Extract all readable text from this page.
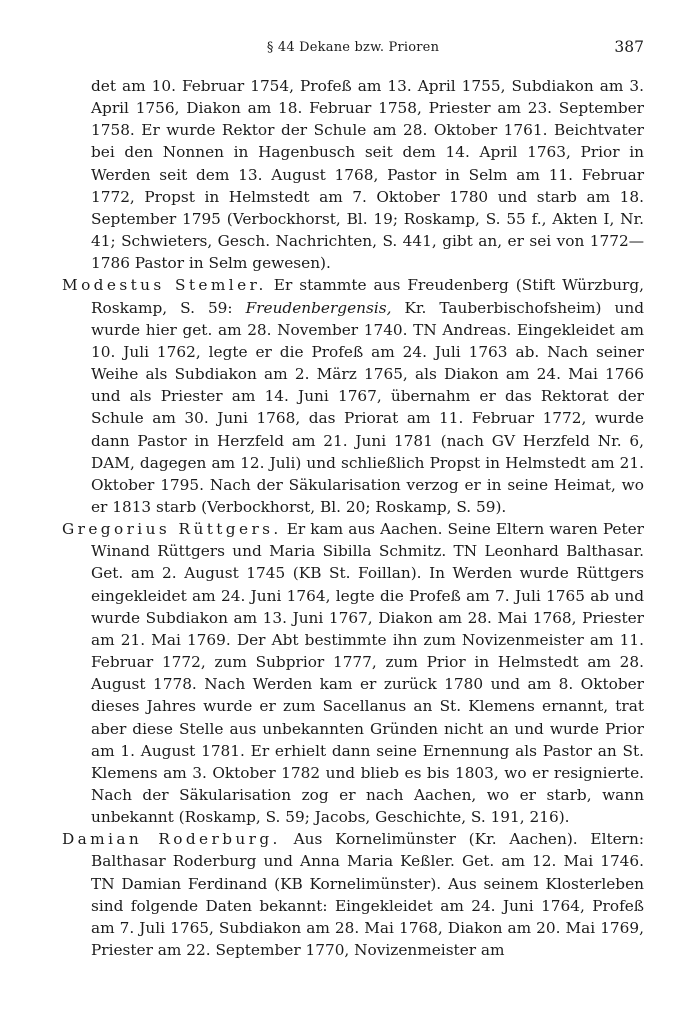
§ 44 Dekane bzw. Prioren	387

det am 10. Februar 1754, Profeß am 13. April 1755, Subdiakon am 3. April 1756, Diakon am 18. Februar 1758, Priester am 23. September 1758. Er wurde Rektor der Schule am 28. Oktober 1761. Beichtvater bei den Nonnen in Hagenbusch seit dem 14. April 1763, Prior in Werden seit dem 13. August 1768, Pastor in Selm am 11. Februar 1772, Propst in Helmstedt am 7. Oktober 1780 und starb am 18. September 1795 (Verbockhorst, Bl. 19; Roskamp, S. 55 f., Akten I, Nr. 41; Schwieters, Gesch. Nachrichten, S. 441, gibt an, er sei von 1772—1786 Pastor in Selm gewesen).

Modestus Stemler. Er stammte aus Freudenberg (Stift Würzburg, Roskamp, S. 59: Freudenbergensis, Kr. Tauberbischofsheim) und wurde hier get. am 28. November 1740. TN Andreas. Eingekleidet am 10. Juli 1762, legte er die Profeß am 24. Juli 1763 ab. Nach seiner Weihe als Subdiakon am 2. März 1765, als Diakon am 24. Mai 1766 und als Priester am 14. Juni 1767, übernahm er das Rektorat der Schule am 30. Juni 1768, das Priorat am 11. Februar 1772, wurde dann Pastor in Herzfeld am 21. Juni 1781 (nach GV Herzfeld Nr. 6, DAM, dagegen am 12. Juli) und schließlich Propst in Helmstedt am 21. Oktober 1795. Nach der Säkularisation verzog er in seine Heimat, wo er 1813 starb (Verbockhorst, Bl. 20; Roskamp, S. 59).

Gregorius Rüttgers. Er kam aus Aachen. Seine Eltern waren Peter Winand Rüttgers und Maria Sibilla Schmitz. TN Leonhard Balthasar. Get. am 2. August 1745 (KB St. Foillan). In Werden wurde Rüttgers eingekleidet am 24. Juni 1764, legte die Profeß am 7. Juli 1765 ab und wurde Subdiakon am 13. Juni 1767, Diakon am 28. Mai 1768, Priester am 21. Mai 1769. Der Abt bestimmte ihn zum Novizenmeister am 11. Februar 1772, zum Subprior 1777, zum Prior in Helmstedt am 28. August 1778. Nach Werden kam er zurück 1780 und am 8. Oktober dieses Jahres wurde er zum Sacellanus an St. Klemens ernannt, trat aber diese Stelle aus unbekannten Gründen nicht an und wurde Prior am 1. August 1781. Er erhielt dann seine Ernennung als Pastor an St. Klemens am 3. Oktober 1782 und blieb es bis 1803, wo er resignierte. Nach der Säkularisation zog er nach Aachen, wo er starb, wann unbekannt (Roskamp, S. 59; Jacobs, Geschichte, S. 191, 216).

Damian Roderburg. Aus Kornelimünster (Kr. Aachen). Eltern: Balthasar Roderburg und Anna Maria Keßler. Get. am 12. Mai 1746. TN Damian Ferdinand (KB Kornelimünster). Aus seinem Klosterleben sind folgende Daten bekannt: Eingekleidet am 24. Juni 1764, Profeß am 7. Juli 1765, Subdiakon am 28. Mai 1768, Diakon am 20. Mai 1769, Priester am 22. September 1770, Novizenmeister am
